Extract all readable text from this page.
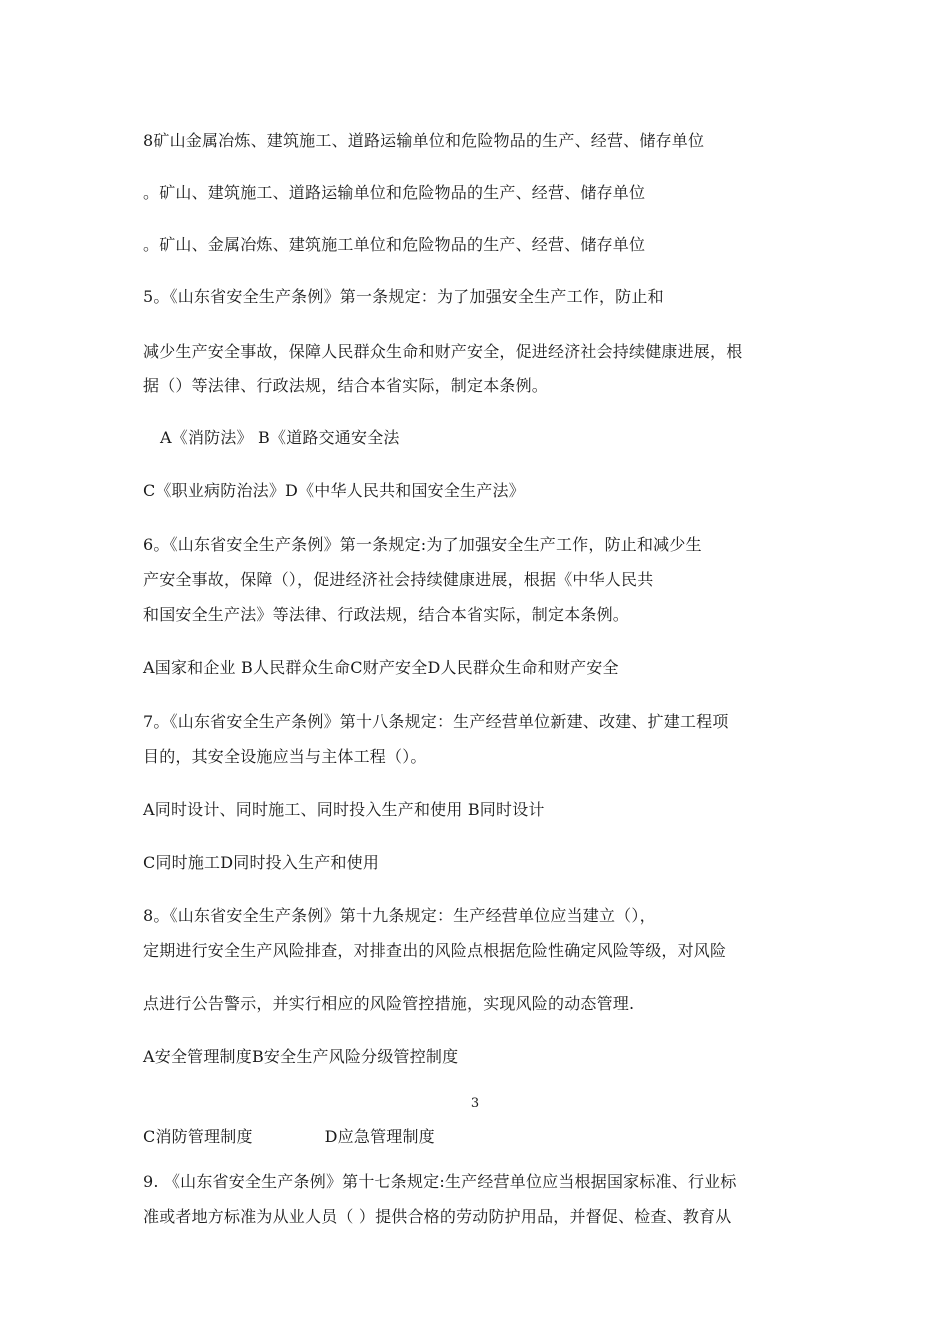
8矿山金属冶炼、建筑施工、道路运输单位和危险物品的生产、经营、储存单位
。矿山、建筑施工、道路运输单位和危险物品的生产、经营、储存单位
。矿山、金属冶炼、建筑施工单位和危险物品的生产、经营、储存单位
5。《山东省安全生产条例》第一条规定：为了加强安全生产工作，防止和
减少生产安全事故，保障人民群众生命和财产安全，促进经济社会持续健康进展，根
据（）等法律、行政法规，结合本省实际，制定本条例。
A《消防法》 B《道路交通安全法
C《职业病防治法》D《中华人民共和国安全生产法》
6。《山东省安全生产条例》第一条规定:为了加强安全生产工作，防止和减少生
产安全事故，保障（），促进经济社会持续健康进展，根据《中华人民共
和国安全生产法》等法律、行政法规，结合本省实际，制定本条例。
A国家和企业 B人民群众生命C财产安全D人民群众生命和财产安全
7。《山东省安全生产条例》第十八条规定：生产经营单位新建、改建、扩建工程项
目的，其安全设施应当与主体工程（）。
A同时设计、同时施工、同时投入生产和使用 B同时设计
C同时施工D同时投入生产和使用
8。《山东省安全生产条例》第十九条规定：生产经营单位应当建立（），
定期进行安全生产风险排查，对排查出的风险点根据危险性确定风险等级，对风险
点进行公告警示，并实行相应的风险管控措施，实现风险的动态管理.
A安全管理制度B安全生产风险分级管控制度
3
C消防管理制度	D应急管理制度
9. 《山东省安全生产条例》第十七条规定:生产经营单位应当根据国家标准、行业标
准或者地方标准为从业人员（ ）提供合格的劳动防护用品，并督促、检查、教育从
